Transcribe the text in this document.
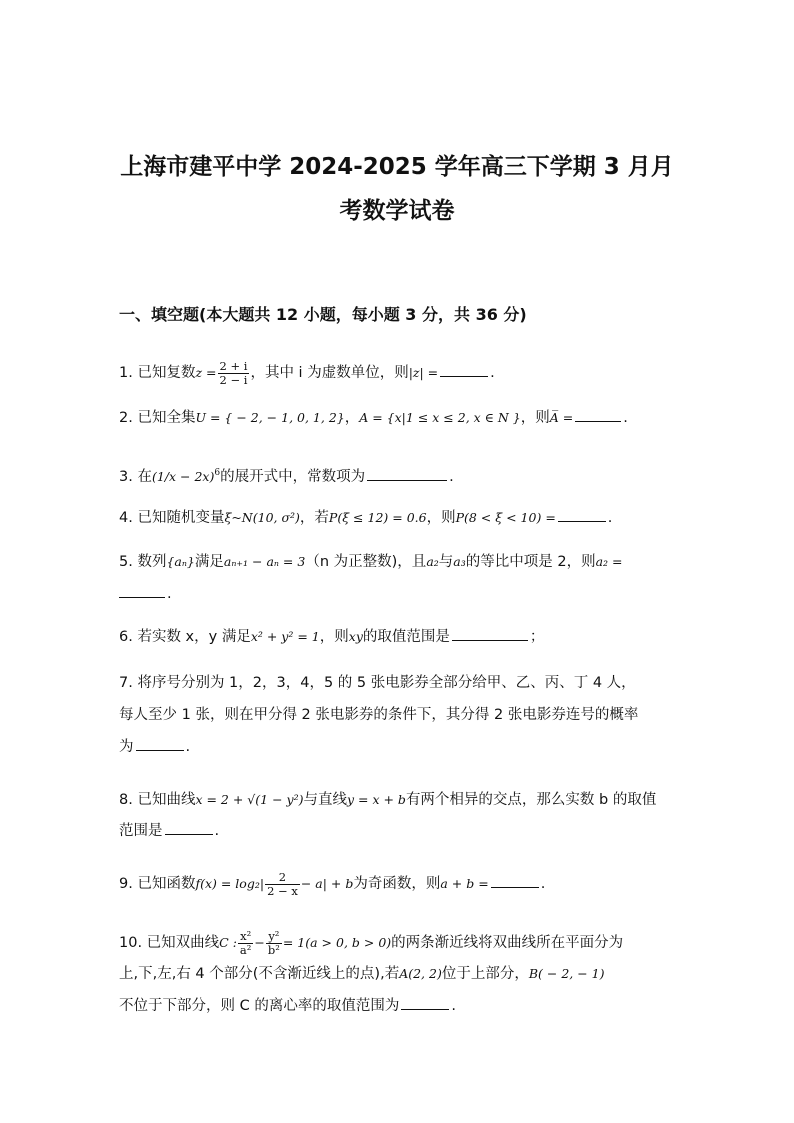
上海市建平中学 2024-2025 学年高三下学期 3 月月
考数学试卷
一、填空题(本大题共 12 小题，每小题 3 分，共 36 分)
1. 已知复数$z = \frac{2 + i}{2 - i}$ ，其中 i 为虚数单位，则|z| =	.
2. 已知全集U = { − 2, − 1, 0, 1, 2}，A = {x|1 ≤ x ≤ 2, x ∈ N }，则A̅ =	.
3. 在$(1/x - 2x)^6$的展开式中，常数项为	.
4. 已知随机变量ξ~N(10, σ²)，若P(ξ ≤ 12) = 0.6，则P(8 < ξ < 10) =	.
5. 数列{aₙ}满足aₙ₊₁ − aₙ = 3（n 为正整数)，且a₂与a₃的等比中项是 2，则a₂ =
.
6. 若实数 x，y 满足x² + y² = 1，则xy的取值范围是	；
7. 将序号分别为 1，2，3，4，5 的 5 张电影券全部分给甲、乙、丙、丁 4 人，
每人至少 1 张，则在甲分得 2 张电影券的条件下，其分得 2 张电影券连号的概率
为	.
8. 已知曲线x = 2 + √(1 − y²)与直线y = x + b有两个相异的交点，那么实数 b 的取值
范围是	.
9. 已知函数$f(x) = \log_2| \frac{2}{2 - x} - a| + b$为奇函数，则a + b =	.
10. 已知双曲线C : $\frac{\text{x²}}{\text{a²}} - \frac{\text{y²}}{\text{b²}} = 1(a > 0$, b > 0)的两条渐近线将双曲线所在平面分为
上,下,左,右 4 个部分(不含渐近线上的点),若A(2, 2)位于上部分，B( − 2, − 1)
不位于下部分，则 C 的离心率的取值范围为	.
